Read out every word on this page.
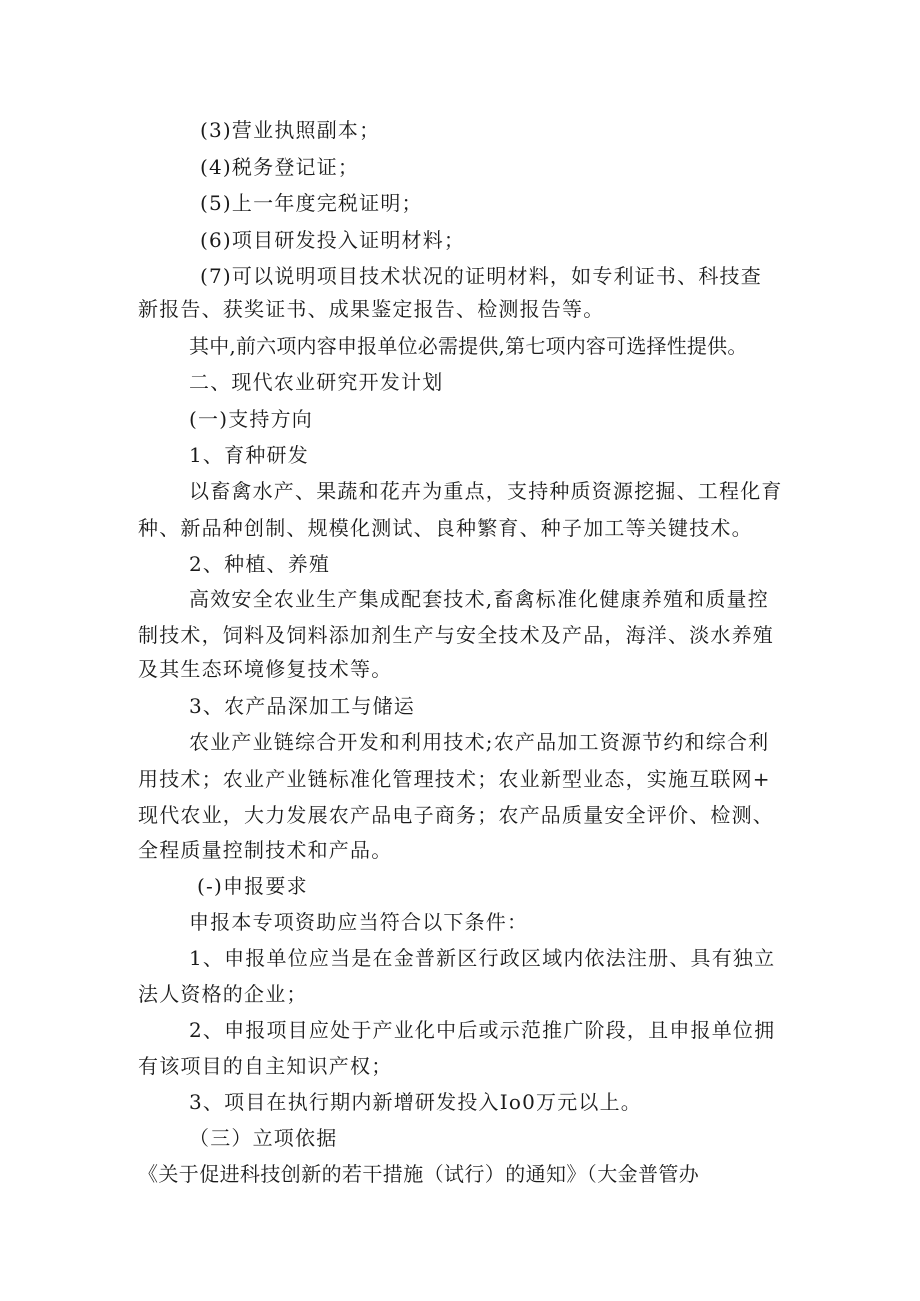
(3)营业执照副本；
(4)税务登记证；
(5)上一年度完税证明；
(6)项目研发投入证明材料；
(7)可以说明项目技术状况的证明材料，如专利证书、科技查
新报告、获奖证书、成果鉴定报告、检测报告等。
其中,前六项内容申报单位必需提供,第七项内容可选择性提供。
二、现代农业研究开发计划
(一)支持方向
1、育种研发
以畜禽水产、果蔬和花卉为重点，支持种质资源挖掘、工程化育
种、新品种创制、规模化测试、良种繁育、种子加工等关键技术。
2、种植、养殖
高效安全农业生产集成配套技术,畜禽标准化健康养殖和质量控
制技术，饲料及饲料添加剂生产与安全技术及产品，海洋、淡水养殖
及其生态环境修复技术等。
3、农产品深加工与储运
农业产业链综合开发和利用技术;农产品加工资源节约和综合利
用技术；农业产业链标准化管理技术；农业新型业态，实施互联网+
现代农业，大力发展农产品电子商务；农产品质量安全评价、检测、
全程质量控制技术和产品。
(-)申报要求
申报本专项资助应当符合以下条件：
1、申报单位应当是在金普新区行政区域内依法注册、具有独立
法人资格的企业；
2、申报项目应处于产业化中后或示范推广阶段，且申报单位拥
有该项目的自主知识产权；
3、项目在执行期内新增研发投入Io0万元以上。
（三）立项依据
《关于促进科技创新的若干措施（试行）的通知》（大金普管办
